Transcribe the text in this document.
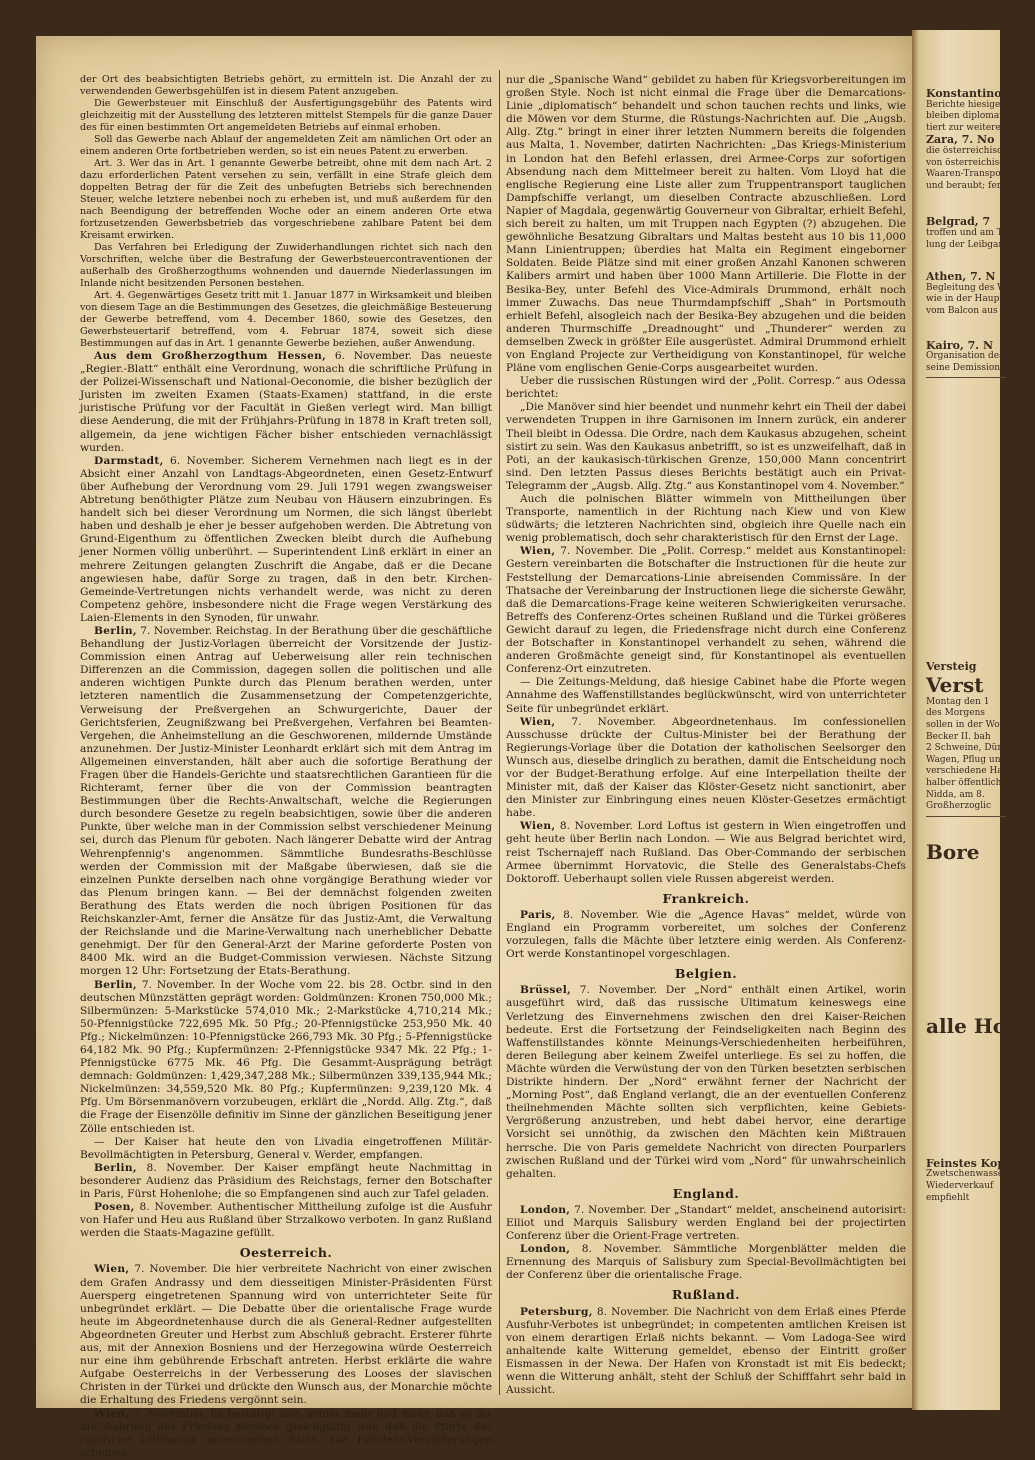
der Ort des beabsichtigten Betriebs gehört, zu ermitteln ist. Die Anzahl der zu verwendenden Gewerbsgehülfen ist in diesem Patent anzugeben.

Die Gewerbsteuer mit Einschluß der Ausfertigungsgebühr des Patents wird gleichzeitig mit der Ausstellung des letzteren mittelst Stempels für die ganze Dauer des für einen bestimmten Ort angemeldeten Betriebs auf einmal erhoben.

Soll das Gewerbe nach Ablauf der angemeldeten Zeit am nämlichen Ort oder an einem anderen Orte fortbetrieben werden, so ist ein neues Patent zu erwerben.

Art. 3. Wer das in Art. 1 genannte Gewerbe betreibt, ohne mit dem nach Art. 2 dazu erforderlichen Patent versehen zu sein, verfällt in eine Strafe gleich dem doppelten Betrag der für die Zeit des unbefugten Betriebs sich berechnenden Steuer, welche letztere nebenbei noch zu erheben ist, und muß außerdem für den nach Beendigung der betreffenden Woche oder an einem anderen Orte etwa fortzusetzenden Gewerbsbetrieb das vorgeschriebene zahlbare Patent bei dem Kreisamt erwirken.

Das Verfahren bei Erledigung der Zuwiderhandlungen richtet sich nach den Vorschriften, welche über die Bestrafung der Gewerbsteuercontraventionen der außerhalb des Großherzogthums wohnenden und dauernde Niederlassungen im Inlande nicht besitzenden Personen bestehen.

Art. 4. Gegenwärtiges Gesetz tritt mit 1. Januar 1877 in Wirksamkeit und bleiben von diesem Tage an die Bestimmungen des Gesetzes, die gleichmäßige Besteuerung der Gewerbe betreffend, vom 4. December 1860, sowie des Gesetzes, den Gewerbsteuertarif betreffend, vom 4. Februar 1874, soweit sich diese Bestimmungen auf das in Art. 1 genannte Gewerbe beziehen, außer Anwendung.

Aus dem Großherzogthum Hessen, 6. November. Das neueste „Regier.-Blatt“ enthält eine Verordnung, wonach die schriftliche Prüfung in der Polizei-Wissenschaft und National-Oeconomie, die bisher bezüglich der Juristen im zweiten Examen (Staats-Examen) stattfand, in die erste juristische Prüfung vor der Facultät in Gießen verlegt wird. Man billigt diese Aenderung, die mit der Frühjahrs-Prüfung in 1878 in Kraft treten soll, allgemein, da jene wichtigen Fächer bisher entschieden vernachlässigt wurden.

Darmstadt, 6. November. Sicherem Vernehmen nach liegt es in der Absicht einer Anzahl von Landtags-Abgeordneten, einen Gesetz-Entwurf über Aufhebung der Verordnung vom 29. Juli 1791 wegen zwangsweiser Abtretung benöthigter Plätze zum Neubau von Häusern einzubringen. Es handelt sich bei dieser Verordnung um Normen, die sich längst überlebt haben und deshalb je eher je besser aufgehoben werden. Die Abtretung von Grund-Eigenthum zu öffentlichen Zwecken bleibt durch die Aufhebung jener Normen völlig unberührt. — Superintendent Linß erklärt in einer an mehrere Zeitungen gelangten Zuschrift die Angabe, daß er die Decane angewiesen habe, dafür Sorge zu tragen, daß in den betr. Kirchen-Gemeinde-Vertretungen nichts verhandelt werde, was nicht zu deren Competenz gehöre, insbesondere nicht die Frage wegen Verstärkung des Laien-Elements in den Synoden, für unwahr.

Berlin, 7. November. Reichstag. In der Berathung über die geschäftliche Behandlung der Justiz-Vorlagen überreicht der Vorsitzende der Justiz-Commission einen Antrag auf Ueberweisung aller rein technischen Differenzen an die Commission, dagegen sollen die politischen und alle anderen wichtigen Punkte durch das Plenum berathen werden, unter letzteren namentlich die Zusammensetzung der Competenzgerichte, Verweisung der Preßvergehen an Schwurgerichte, Dauer der Gerichtsferien, Zeugnißzwang bei Preßvergehen, Verfahren bei Beamten-Vergehen, die Anheimstellung an die Geschworenen, mildernde Umstände anzunehmen. Der Justiz-Minister Leonhardt erklärt sich mit dem Antrag im Allgemeinen einverstanden, hält aber auch die sofortige Berathung der Fragen über die Handels-Gerichte und staatsrechtlichen Garantieen für die Richteramt, ferner über die von der Commission beantragten Bestimmungen über die Rechts-Anwaltschaft, welche die Regierungen durch besondere Gesetze zu regeln beabsichtigen, sowie über die anderen Punkte, über welche man in der Commission selbst verschiedener Meinung sei, durch das Plenum für geboten. Nach längerer Debatte wird der Antrag Wehrenpfennig's angenommen. Sämmtliche Bundesraths-Beschlüsse werden der Commission mit der Maßgabe überwiesen, daß sie die einzelnen Punkte derselben nach ohne vorgängige Berathung wieder vor das Plenum bringen kann. — Bei der demnächst folgenden zweiten Berathung des Etats werden die noch übrigen Positionen für das Reichskanzler-Amt, ferner die Ansätze für das Justiz-Amt, die Verwaltung der Reichslande und die Marine-Verwaltung nach unerheblicher Debatte genehmigt. Der für den General-Arzt der Marine geforderte Posten von 8400 Mk. wird an die Budget-Commission verwiesen. Nächste Sitzung morgen 12 Uhr: Fortsetzung der Etats-Berathung.

Berlin, 7. November. In der Woche vom 22. bis 28. Octbr. sind in den deutschen Münzstätten geprägt worden: Goldmünzen: Kronen 750,000 Mk.; Silbermünzen: 5-Markstücke 574,010 Mk.; 2-Markstücke 4,710,214 Mk.; 50-Pfennigstücke 722,695 Mk. 50 Pfg.; 20-Pfennigstücke 253,950 Mk. 40 Pfg.; Nickelmünzen: 10-Pfennigstücke 266,793 Mk. 30 Pfg.; 5-Pfennigstücke 64,182 Mk. 90 Pfg.; Kupfermünzen: 2-Pfennigstücke 9347 Mk. 22 Pfg.; 1-Pfennigstücke 6775 Mk. 46 Pfg. Die Gesammt-Ausprägung beträgt demnach: Goldmünzen: 1,429,347,288 Mk.; Silbermünzen 339,135,944 Mk.; Nickelmünzen: 34,559,520 Mk. 80 Pfg.; Kupfermünzen: 9,239,120 Mk. 4 Pfg. Um Börsenmanövern vorzubeugen, erklärt die „Nordd. Allg. Ztg.“, daß die Frage der Eisenzölle definitiv im Sinne der gänzlichen Beseitigung jener Zölle entschieden ist.

— Der Kaiser hat heute den von Livadia eingetroffenen Militär-Bevollmächtigten in Petersburg, General v. Werder, empfangen.

Berlin, 8. November. Der Kaiser empfängt heute Nachmittag in besonderer Audienz das Präsidium des Reichstags, ferner den Botschafter in Paris, Fürst Hohenlohe; die so Empfangenen sind auch zur Tafel geladen.

Posen, 8. November. Authentischer Mittheilung zufolge ist die Ausfuhr von Hafer und Heu aus Rußland über Strzalkowo verboten. In ganz Rußland werden die Staats-Magazine gefüllt.

Oesterreich.

Wien, 7. November. Die hier verbreitete Nachricht von einer zwischen dem Grafen Andrassy und dem diesseitigen Minister-Präsidenten Fürst Auersperg eingetretenen Spannung wird von unterrichteter Seite für unbegründet erklärt. — Die Debatte über die orientalische Frage wurde heute im Abgeordnetenhause durch die als General-Redner aufgestellten Abgeordneten Greuter und Herbst zum Abschluß gebracht. Ersterer führte aus, mit der Annexion Bosniens und der Herzegowina würde Oesterreich nur eine ihm gebührende Erbschaft antreten. Herbst erklärte die wahre Aufgabe Oesterreichs in der Verbesserung des Looses der slavischen Christen in der Türkei und drückte den Wunsch aus, der Monarchie möchte die Erhaltung des Friedens vergönnt sein.

Wien, 7. November. Es bestätigt sich immer mehr und mehr, daß es für die Wahrung des Friedens ziemlich gleichgültig war, daß die Pforte das russische Ultimatum angenommen hatte. Die Friedens-Versicherungen scheinen

nur die „Spanische Wand“ gebildet zu haben für Kriegsvorbereitungen im großen Style. Noch ist nicht einmal die Frage über die Demarcations-Linie „diplomatisch“ behandelt und schon tauchen rechts und links, wie die Möwen vor dem Sturme, die Rüstungs-Nachrichten auf. Die „Augsb. Allg. Ztg.“ bringt in einer ihrer letzten Nummern bereits die folgenden aus Malta, 1. November, datirten Nachrichten: „Das Kriegs-Ministerium in London hat den Befehl erlassen, drei Armee-Corps zur sofortigen Absendung nach dem Mittelmeer bereit zu halten. Vom Lloyd hat die englische Regierung eine Liste aller zum Truppentransport tauglichen Dampfschiffe verlangt, um dieselben Contracte abzuschließen. Lord Napier of Magdala, gegenwärtig Gouverneur von Gibraltar, erhielt Befehl, sich bereit zu halten, um mit Truppen nach Egypten (?) abzugehen. Die gewöhnliche Besatzung Gibraltars und Maltas besteht aus 10 bis 11,000 Mann Linientruppen; überdies hat Malta ein Regiment eingeborner Soldaten. Beide Plätze sind mit einer großen Anzahl Kanonen schweren Kalibers armirt und haben über 1000 Mann Artillerie. Die Flotte in der Besika-Bey, unter Befehl des Vice-Admirals Drummond, erhält noch immer Zuwachs. Das neue Thurmdampfschiff „Shah“ in Portsmouth erhielt Befehl, alsogleich nach der Besika-Bey abzugehen und die beiden anderen Thurmschiffe „Dreadnought“ und „Thunderer“ werden zu demselben Zweck in größter Eile ausgerüstet. Admiral Drummond erhielt von England Projecte zur Vertheidigung von Konstantinopel, für welche Pläne vom englischen Genie-Corps ausgearbeitet wurden.

Ueber die russischen Rüstungen wird der „Polit. Corresp.“ aus Odessa berichtet:

„Die Manöver sind hier beendet und nunmehr kehrt ein Theil der dabei verwendeten Truppen in ihre Garnisonen im Innern zurück, ein anderer Theil bleibt in Odessa. Die Ordre, nach dem Kaukasus abzugehen, scheint sistirt zu sein. Was den Kaukasus anbetrifft, so ist es unzweifelhaft, daß in Poti, an der kaukasisch-türkischen Grenze, 150,000 Mann concentrirt sind. Den letzten Passus dieses Berichts bestätigt auch ein Privat-Telegramm der „Augsb. Allg. Ztg.“ aus Konstantinopel vom 4. November.“

Auch die polnischen Blätter wimmeln von Mittheilungen über Transporte, namentlich in der Richtung nach Kiew und von Kiew südwärts; die letzteren Nachrichten sind, obgleich ihre Quelle nach ein wenig problematisch, doch sehr charakteristisch für den Ernst der Lage.

Wien, 7. November. Die „Polit. Corresp.“ meldet aus Konstantinopel: Gestern vereinbarten die Botschafter die Instructionen für die heute zur Feststellung der Demarcations-Linie abreisenden Commissäre. In der Thatsache der Vereinbarung der Instructionen liege die sicherste Gewähr, daß die Demarcations-Frage keine weiteren Schwierigkeiten verursache. Betreffs des Conferenz-Ortes scheinen Rußland und die Türkei größeres Gewicht darauf zu legen, die Friedensfrage nicht durch eine Conferenz der Botschafter in Konstantinopel verhandelt zu sehen, während die anderen Großmächte geneigt sind, für Konstantinopel als eventuellen Conferenz-Ort einzutreten.

— Die Zeitungs-Meldung, daß hiesige Cabinet habe die Pforte wegen Annahme des Waffenstillstandes beglückwünscht, wird von unterrichteter Seite für unbegründet erklärt.

Wien, 7. November. Abgeordnetenhaus. Im confessionellen Ausschusse drückte der Cultus-Minister bei der Berathung der Regierungs-Vorlage über die Dotation der katholischen Seelsorger den Wunsch aus, dieselbe dringlich zu berathen, damit die Entscheidung noch vor der Budget-Berathung erfolge. Auf eine Interpellation theilte der Minister mit, daß der Kaiser das Klöster-Gesetz nicht sanctionirt, aber den Minister zur Einbringung eines neuen Klöster-Gesetzes ermächtigt habe.

Wien, 8. November. Lord Loftus ist gestern in Wien eingetroffen und geht heute über Berlin nach London. — Wie aus Belgrad berichtet wird, reist Tschernajeff nach Rußland. Das Ober-Commando der serbischen Armee übernimmt Horvatovic, die Stelle des Generalstabs-Chefs Doktoroff. Ueberhaupt sollen viele Russen abgereist werden.

Frankreich.

Paris, 8. November. Wie die „Agence Havas“ meldet, würde von England ein Programm vorbereitet, um solches der Conferenz vorzulegen, falls die Mächte über letztere einig werden. Als Conferenz-Ort werde Konstantinopel vorgeschlagen.

Belgien.

Brüssel, 7. November. Der „Nord“ enthält einen Artikel, worin ausgeführt wird, daß das russische Ultimatum keineswegs eine Verletzung des Einvernehmens zwischen den drei Kaiser-Reichen bedeute. Erst die Fortsetzung der Feindseligkeiten nach Beginn des Waffenstillstandes könnte Meinungs-Verschiedenheiten herbeiführen, deren Beilegung aber keinem Zweifel unterliege. Es sei zu hoffen, die Mächte würden die Verwüstung der von den Türken besetzten serbischen Distrikte hindern. Der „Nord“ erwähnt ferner der Nachricht der „Morning Post“, daß England verlangt, die an der eventuellen Conferenz theilnehmenden Mächte sollten sich verpflichten, keine Gebiets-Vergrößerung anzustreben, und hebt dabei hervor, eine derartige Vorsicht sei unnöthig, da zwischen den Mächten kein Mißtrauen herrsche. Die von Paris gemeldete Nachricht von directen Pourparlers zwischen Rußland und der Türkei wird vom „Nord“ für unwahrscheinlich gehalten.

England.

London, 7. November. Der „Standart“ meldet, anscheinend autorisirt: Elliot und Marquis Salisbury werden England bei der projectirten Conferenz über die Orient-Frage vertreten.

London, 8. November. Sämmtliche Morgenblätter melden die Ernennung des Marquis of Salisbury zum Special-Bevollmächtigten bei der Conferenz über die orientalische Frage.

Rußland.

Petersburg, 8. November. Die Nachricht von dem Erlaß eines Pferde Ausfuhr-Verbotes ist unbegründet; in competenten amtlichen Kreisen ist von einem derartigen Erlaß nichts bekannt. — Vom Ladoga-See wird anhaltende kalte Witterung gemeldet, ebenso der Eintritt großer Eismassen in der Newa. Der Hafen von Kronstadt ist mit Eis bedeckt; wenn die Witterung anhält, steht der Schluß der Schifffahrt sehr bald in Aussicht.

Konstantinop
Berichte hiesiger
bleiben diplomatischen
tiert zur weiteren Gewä
Zara, 7. No
die österreichische Gre
von österreichischen
Waaren-Transport
und beraubt; ferner
Belgrad, 7
troffen und am Tag
lung der Leibgarde
Athen, 7. N
Begleitung des Wie
wie in der Haupt
vom Balcon aus
Kairo, 7. N
Organisation des
seine Demission ein
Versteig
Verst
Montag den 1
des Morgens
sollen in der Wo
Becker II. bah
2 Schweine, Dürrfu
Wagen, Pflug un
verschiedene Hausg
halber öffentlich vo
Nidda, am 8.
Großherzoglic
Bore
alle Hol
Feinstes Kopfel
Zwetschenwasser
Wiederverkauf
empfiehlt
